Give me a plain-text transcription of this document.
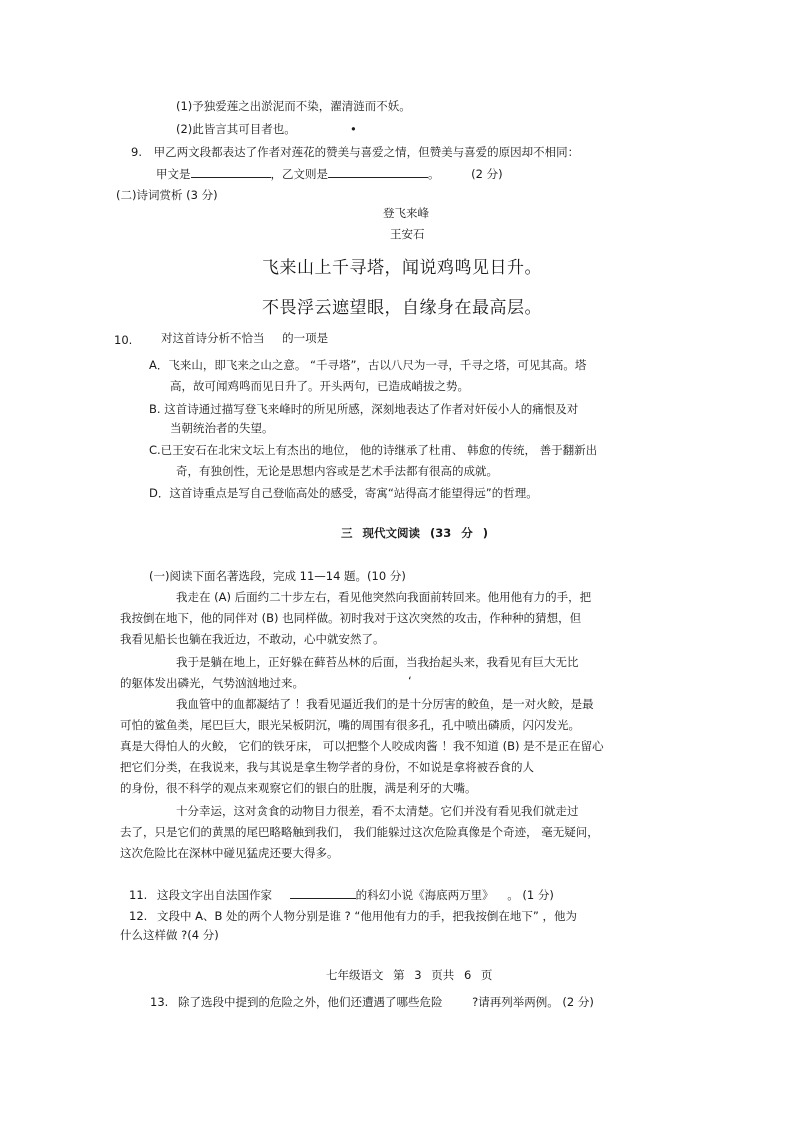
(1)予独爱莲之出淤泥而不染，濯清涟而不妖。
(2)此皆言其可目者也。	•
9. 甲乙两文段都表达了作者对莲花的赞美与喜爱之情，但赞美与喜爱的原因却不相同：
甲文是	，乙文则是	。	(2 分)
(二)诗词赏析 (3 分)
登飞来峰
王安石
飞来山上千寻塔，闻说鸡鸣见日升。
不畏浮云遮望眼，自缘身在最高层。
10. 对这首诗分析不恰当 的一项是
A．飞来山，即飞来之山之意。 “千寻塔”，古以八尺为一寻，千寻之塔，可见其高。塔
高，故可闻鸡鸣而见日升了。开头两句，已造成峭拔之势。
B. 这首诗通过描写登飞来峰时的所见所感，深刻地表达了作者对奸佞小人的痛恨及对
当朝统治者的失望。
C.已王安石在北宋文坛上有杰出的地位， 他的诗继承了杜甫、 韩愈的传统， 善于翻新出
奇，有独创性，无论是思想内容或是艺术手法都有很高的成就。
D．这首诗重点是写自己登临高处的感受，寄寓“站得高才能望得远”的哲理。
三 现代文阅读 (33 分 )
(一)阅读下面名著选段，完成 11—14 题。(10 分)
我走在 (A) 后面约二十步左右，看见他突然向我面前转回来。他用他有力的手，把
我按倒在地下，他的同伴对 (B) 也同样做。初时我对于这次突然的攻击，作种种的猜想，但
我看见船长也躺在我近边，不敢动，心中就安然了。
我于是躺在地上，正好躲在藓苔丛林的后面，当我抬起头来，我看见有巨大无比
的躯体发出磷光，气势汹汹地过来。	‘
我血管中的血都凝结了 ！我看见逼近我们的是十分厉害的鲛鱼，是一对火鲛，是最
可怕的鲨鱼类，尾巴巨大，眼光呆板阴沉，嘴的周围有很多孔，孔中喷出磷质，闪闪发光。
真是大得怕人的火鲛， 它们的铁牙床， 可以把整个人咬成肉酱 ！我不知道 (B) 是不是正在留心
把它们分类，在我说来，我与其说是拿生物学者的身份，不如说是拿将被吞食的人
的身份，很不科学的观点来观察它们的银白的肚腹，满是利牙的大嘴。
十分幸运，这对贪食的动物目力很差，看不太清楚。它们并没有看见我们就走过
去了，只是它们的黄黑的尾巴略略触到我们， 我们能躲过这次危险真像是个奇迹， 毫无疑问，
这次危险比在深林中碰见猛虎还要大得多。
11. 这段文字出自法国作家	的科幻小说《海底两万里》 。 (1 分)
12. 文段中 A、B 处的两个人物分别是谁 ? “他用他有力的手，把我按倒在地下” ，他为
什么这样做 ?(4 分)
七年级语文 第 3 页共 6 页
13. 除了选段中提到的危险之外，他们还遭遇了哪些危险	?请再列举两例。 (2 分)
